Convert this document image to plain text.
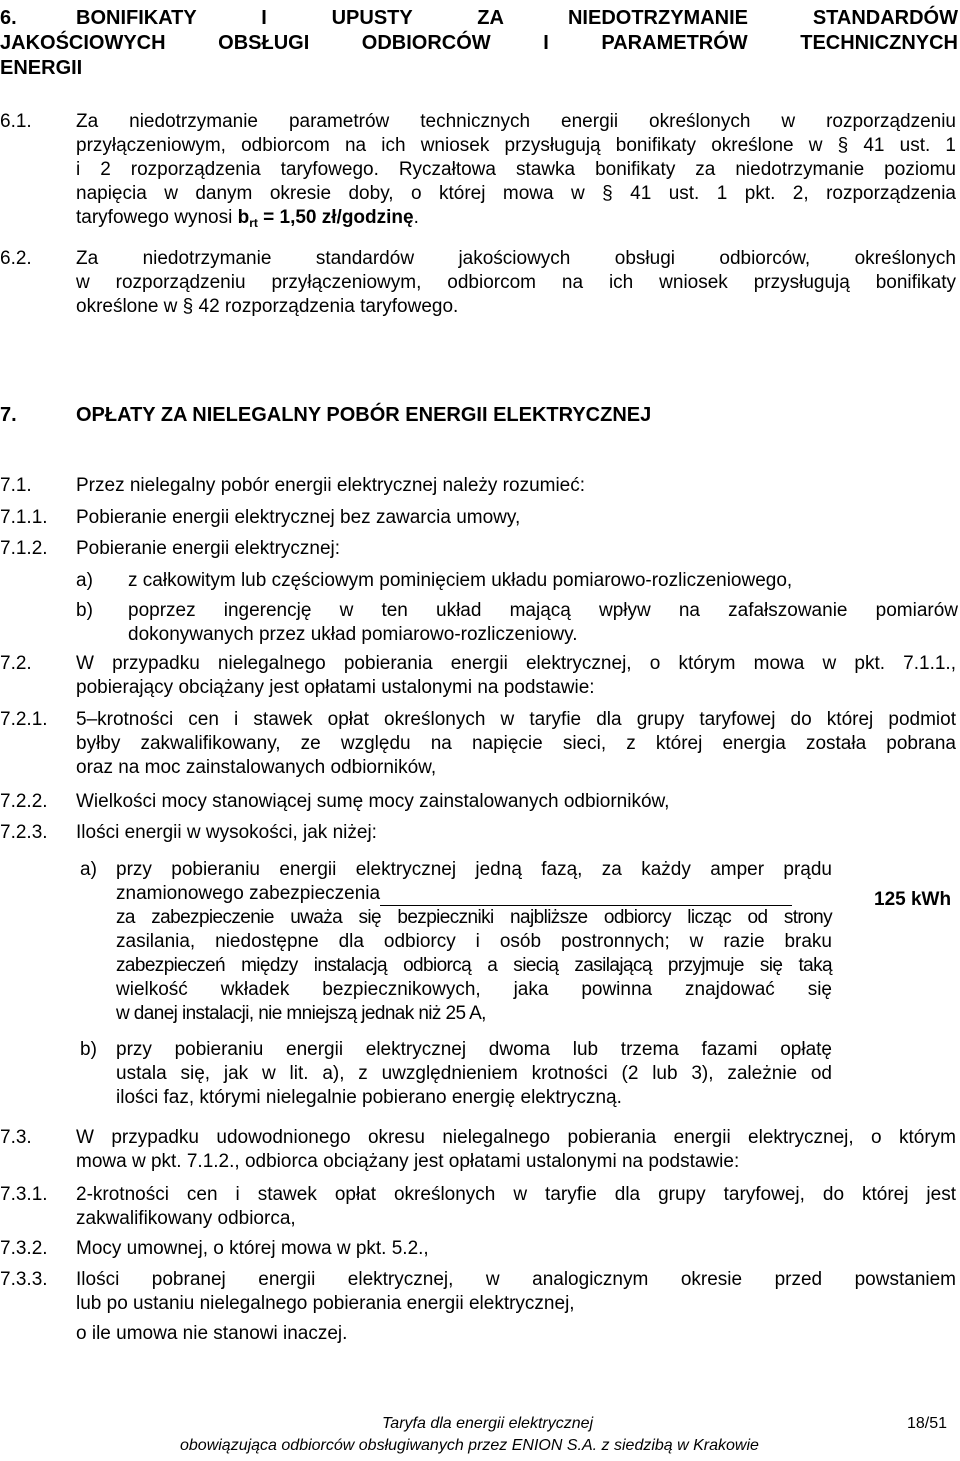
6.	BONIFIKATY I UPUSTY ZA NIEDOTRZYMANIE STANDARDÓW
JAKOŚCIOWYCH OBSŁUGI ODBIORCÓW I PARAMETRÓW TECHNICZNYCH
ENERGII
6.1. Za niedotrzymanie parametrów technicznych energii określonych w rozporządzeniu
przyłączeniowym, odbiorcom na ich wniosek przysługują bonifikaty określone w § 41 ust. 1
i 2 rozporządzenia taryfowego. Ryczałtowa stawka bonifikaty za niedotrzymanie poziomu
napięcia w danym okresie doby, o której mowa w § 41 ust. 1 pkt. 2, rozporządzenia
taryfowego wynosi $b_{rt} = 1,50$ zł/godzinę.
6.2. Za niedotrzymanie standardów jakościowych obsługi odbiorców, określonych
w rozporządzeniu przyłączeniowym, odbiorcom na ich wniosek przysługują bonifikaty
określone w § 42 rozporządzenia taryfowego.
7.	OPŁATY ZA NIELEGALNY POBÓR ENERGII ELEKTRYCZNEJ
7.1. Przez nielegalny pobór energii elektrycznej należy rozumieć:
7.1.1. Pobieranie energii elektrycznej bez zawarcia umowy,
7.1.2. Pobieranie energii elektrycznej:
a) z całkowitym lub częściowym pominięciem układu pomiarowo-rozliczeniowego,
b) poprzez ingerencję w ten układ mającą wpływ na zafałszowanie pomiarów
dokonywanych przez układ pomiarowo-rozliczeniowy.
7.2. W przypadku nielegalnego pobierania energii elektrycznej, o którym mowa w pkt. 7.1.1.,
pobierający obciążany jest opłatami ustalonymi na podstawie:
7.2.1. 5–krotności cen i stawek opłat określonych w taryfie dla grupy taryfowej do której podmiot
byłby zakwalifikowany, ze względu na napięcie sieci, z której energia została pobrana
oraz na moc zainstalowanych odbiorników,
7.2.2. Wielkości mocy stanowiącej sumę mocy zainstalowanych odbiorników,
7.2.3. Ilości energii w wysokości, jak niżej:
a) przy pobieraniu energii elektrycznej jedną fazą, za każdy amper prądu
znamionowego zabezpieczenia
za zabezpieczenie uważa się bezpieczniki najbliższe odbiorcy licząc od strony
zasilania, niedostępne dla odbiorcy i osób postronnych; w razie braku
zabezpieczeń między instalacją odbiorcą a siecią zasilającą przyjmuje się taką
wielkość wkładek bezpiecznikowych, jaka powinna znajdować się
w danej instalacji, nie mniejszą jednak niż 25 A,
125 kWh
b) przy pobieraniu energii elektrycznej dwoma lub trzema fazami opłatę
ustala się, jak w lit. a), z uwzględnieniem krotności (2 lub 3), zależnie od
ilości faz, którymi nielegalnie pobierano energię elektryczną.
7.3. W przypadku udowodnionego okresu nielegalnego pobierania energii elektrycznej, o którym
mowa w pkt. 7.1.2., odbiorca obciążany jest opłatami ustalonymi na podstawie:
7.3.1. 2-krotności cen i stawek opłat określonych w taryfie dla grupy taryfowej, do której jest
zakwalifikowany odbiorca,
7.3.2. Mocy umownej, o której mowa w pkt. 5.2.,
7.3.3. Ilości pobranej energii elektrycznej, w analogicznym okresie przed powstaniem
lub po ustaniu nielegalnego pobierania energii elektrycznej,
o ile umowa nie stanowi inaczej.
Taryfa dla energii elektrycznej
obowiązująca odbiorców obsługiwanych przez ENION S.A. z siedzibą w Krakowie
18/51
